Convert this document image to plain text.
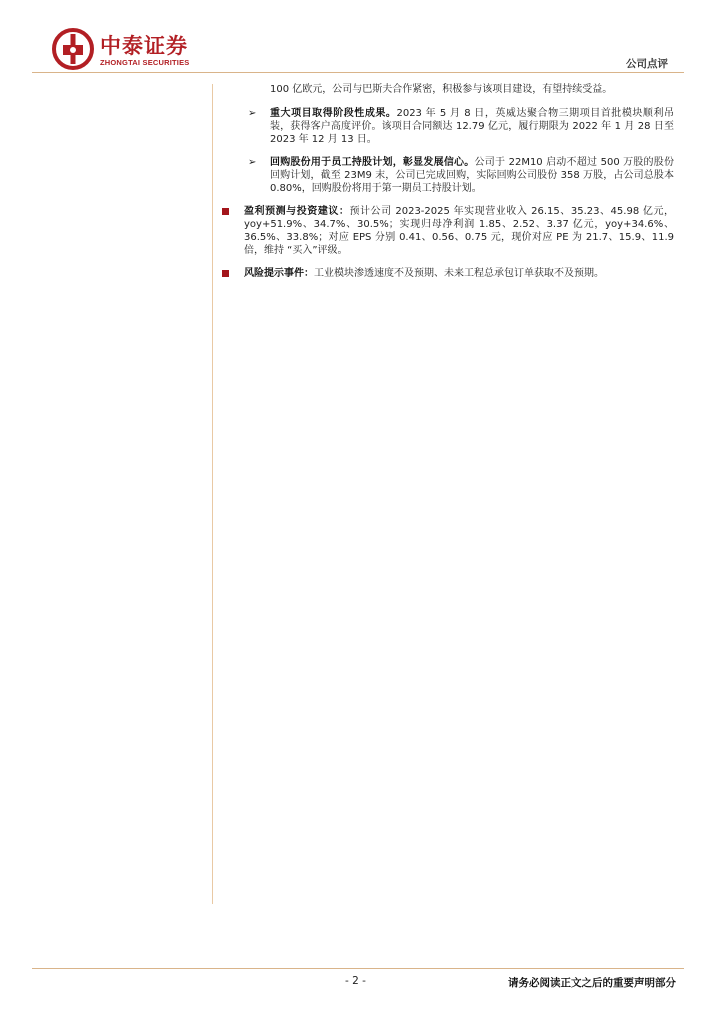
中泰证券
ZHONGTAI SECURITIES	公司点评
100 亿欧元，公司与巴斯夫合作紧密，积极参与该项目建设，有望持续受益。
➢ 重大项目取得阶段性成果。2023 年 5 月 8 日，英威达聚合物三期项目首批模块顺利吊装，获得客户高度评价。该项目合同额达 12.79 亿元，履行期限为 2022 年 1 月 28 日至 2023 年 12 月 13 日。
➢ 回购股份用于员工持股计划，彰显发展信心。公司于 22M10 启动不超过 500 万股的股份回购计划，截至 23M9 末，公司已完成回购，实际回购公司股份 358 万股，占公司总股本 0.80%，回购股份将用于第一期员工持股计划。
盈利预测与投资建议：预计公司 2023-2025 年实现营业收入 26.15、35.23、45.98 亿元，yoy+51.9%、34.7%、30.5%；实现归母净利润 1.85、2.52、3.37 亿元，yoy+34.6%、36.5%、33.8%；对应 EPS 分别 0.41、0.56、0.75 元，现价对应 PE 为 21.7、15.9、11.9 倍，维持 “买入”评级。
风险提示事件：工业模块渗透速度不及预期、未来工程总承包订单获取不及预期。
- 2 -	请务必阅读正文之后的重要声明部分
